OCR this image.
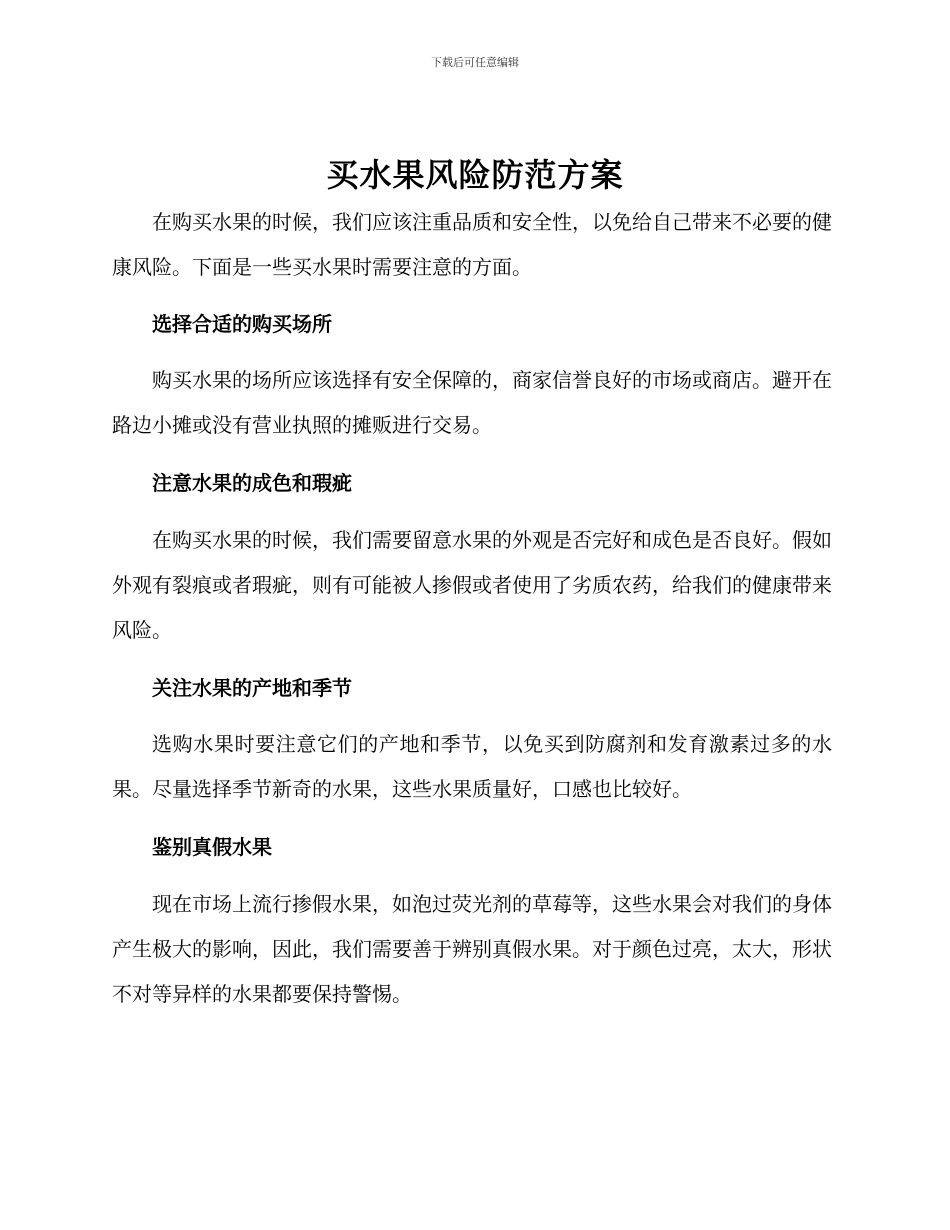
下载后可任意编辑
买水果风险防范方案

在购买水果的时候，我们应该注重品质和安全性，以免给自己带来不必要的健康风险。下面是一些买水果时需要注意的方面。

选择合适的购买场所

购买水果的场所应该选择有安全保障的，商家信誉良好的市场或商店。避开在路边小摊或没有营业执照的摊贩进行交易。

注意水果的成色和瑕疵

在购买水果的时候，我们需要留意水果的外观是否完好和成色是否良好。假如外观有裂痕或者瑕疵，则有可能被人掺假或者使用了劣质农药，给我们的健康带来风险。

关注水果的产地和季节

选购水果时要注意它们的产地和季节，以免买到防腐剂和发育激素过多的水果。尽量选择季节新奇的水果，这些水果质量好，口感也比较好。

鉴别真假水果

现在市场上流行掺假水果，如泡过荧光剂的草莓等，这些水果会对我们的身体产生极大的影响，因此，我们需要善于辨别真假水果。对于颜色过亮，太大，形状不对等异样的水果都要保持警惕。
